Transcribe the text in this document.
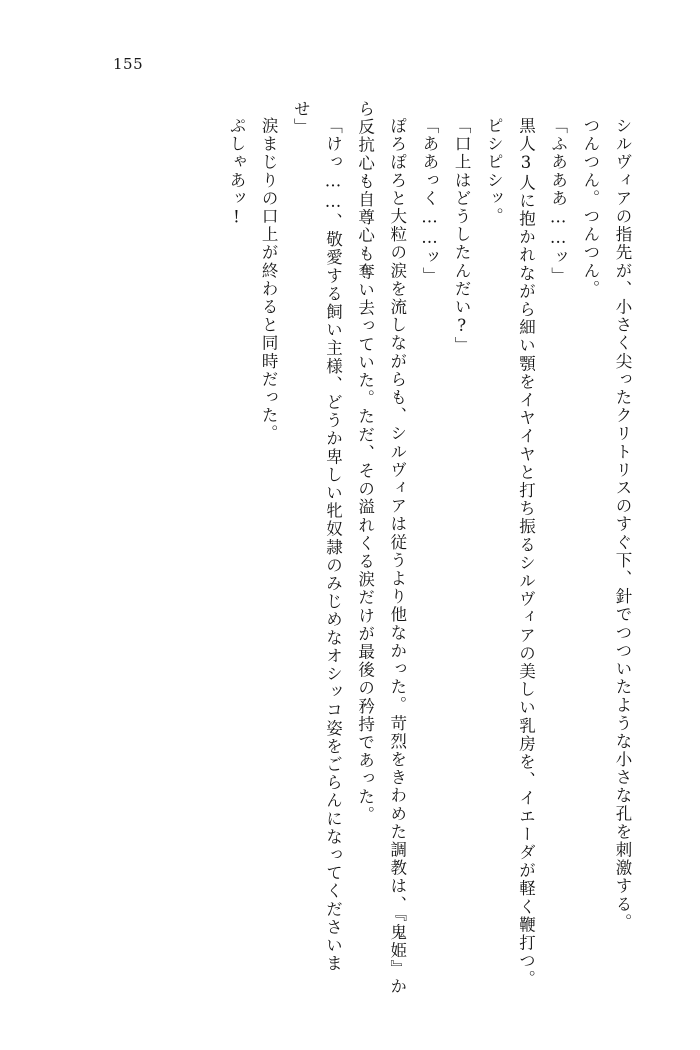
155
シルヴィアの指先が、小さく尖ったクリトリスのすぐ下、針でつついたような小さな孔を刺激する。
つんつん。つんつん。
「ふあああ……ッ」
黒人3人に抱かれながら細い顎をイヤイヤと打ち振るシルヴィアの美しい乳房を、イエーダが軽く鞭打つ。
ピシピシッ。
「口上はどうしたんだい?」
「ああっく……ッ」
ぽろぽろと大粒の涙を流しながらも、シルヴィアは従うより他なかった。苛烈をきわめた調教は、『鬼姫』から反抗心も自尊心も奪い去っていた。ただ、その溢れくる涙だけが最後の矜持であった。
「けっ……、敬愛する飼い主様、どうか卑しい牝奴隷のみじめなオシッコ姿をごらんになってくださいませ」
涙まじりの口上が終わると同時だった。
ぷしゃあッ!
